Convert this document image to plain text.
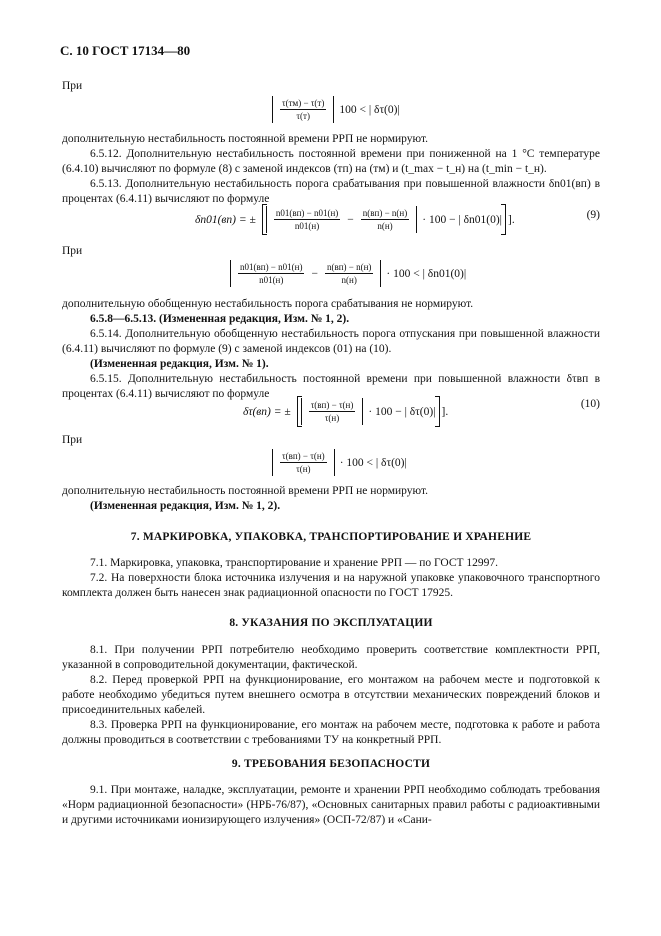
С. 10 ГОСТ 17134—80
При
$\frac{\tau(тм) - \tau(т)}{\tau(т)} 100$ < | δτ(0)|

дополнительную нестабильность постоянной времени РРП не нормируют.

6.5.12. Дополнительную нестабильность постоянной времени при пониженной на 1 °С температуре (6.4.10) вычисляют по формуле (8) с заменой индексов (тп) на (тм) и (t_max − t_н) на (t_min − t_н).

6.5.13. Дополнительную нестабильность порога срабатывания при повышенной влажности δn01(вп) в процентах (6.4.11) вычисляют по формуле

δn01(вп) = ± $\frac{n01(вп) - n01(н)}{n01(н)} - \frac{n(вп) - n(н)}{n(н)} \cdot 100$ − | δn01(0)| ].	(9)
При
$\frac{n01(вп) - n01(н)}{n01(н)} - \frac{n(вп) - n(н)}{n(н)} \cdot 100$ < | δn01(0)|

дополнительную обобщенную нестабильность порога срабатывания не нормируют.

6.5.8—6.5.13. (Измененная редакция, Изм. № 1, 2).

6.5.14. Дополнительную обобщенную нестабильность порога отпускания при повышенной влажности (6.4.11) вычисляют по формуле (9) с заменой индексов (01) на (10).

(Измененная редакция, Изм. № 1).

6.5.15. Дополнительную нестабильность постоянной времени при повышенной влажности δτвп в процентах (6.4.11) вычисляют по формуле

δτ(вп) = ± $\frac{\tau(вп) - \tau(н)}{\tau(н)} \cdot 100$ − | δτ(0)| ].
(10)
При
$\frac{\tau(вп) - \tau(н)}{\tau(н)} \cdot 100$ < | δτ(0)|

дополнительную нестабильность постоянной времени РРП не нормируют.

(Измененная редакция, Изм. № 1, 2).

7. МАРКИРОВКА, УПАКОВКА, ТРАНСПОРТИРОВАНИЕ И ХРАНЕНИЕ

7.1. Маркировка, упаковка, транспортирование и хранение РРП — по ГОСТ 12997.

7.2. На поверхности блока источника излучения и на наружной упаковке упаковочного транспортного комплекта должен быть нанесен знак радиационной опасности по ГОСТ 17925.

8. УКАЗАНИЯ ПО ЭКСПЛУАТАЦИИ

8.1. При получении РРП потребителю необходимо проверить соответствие комплектности РРП, указанной в сопроводительной документации, фактической.

8.2. Перед проверкой РРП на функционирование, его монтажом на рабочем месте и подготовкой к работе необходимо убедиться путем внешнего осмотра в отсутствии механических повреждений блоков и присоединительных кабелей.

8.3. Проверка РРП на функционирование, его монтаж на рабочем месте, подготовка к работе и работа должны проводиться в соответствии с требованиями ТУ на конкретный РРП.

9. ТРЕБОВАНИЯ БЕЗОПАСНОСТИ

9.1. При монтаже, наладке, эксплуатации, ремонте и хранении РРП необходимо соблюдать требования «Норм радиационной безопасности» (НРБ-76/87), «Основных санитарных правил работы с радиоактивными и другими источниками ионизирующего излучения» (ОСП-72/87) и «Сани-
